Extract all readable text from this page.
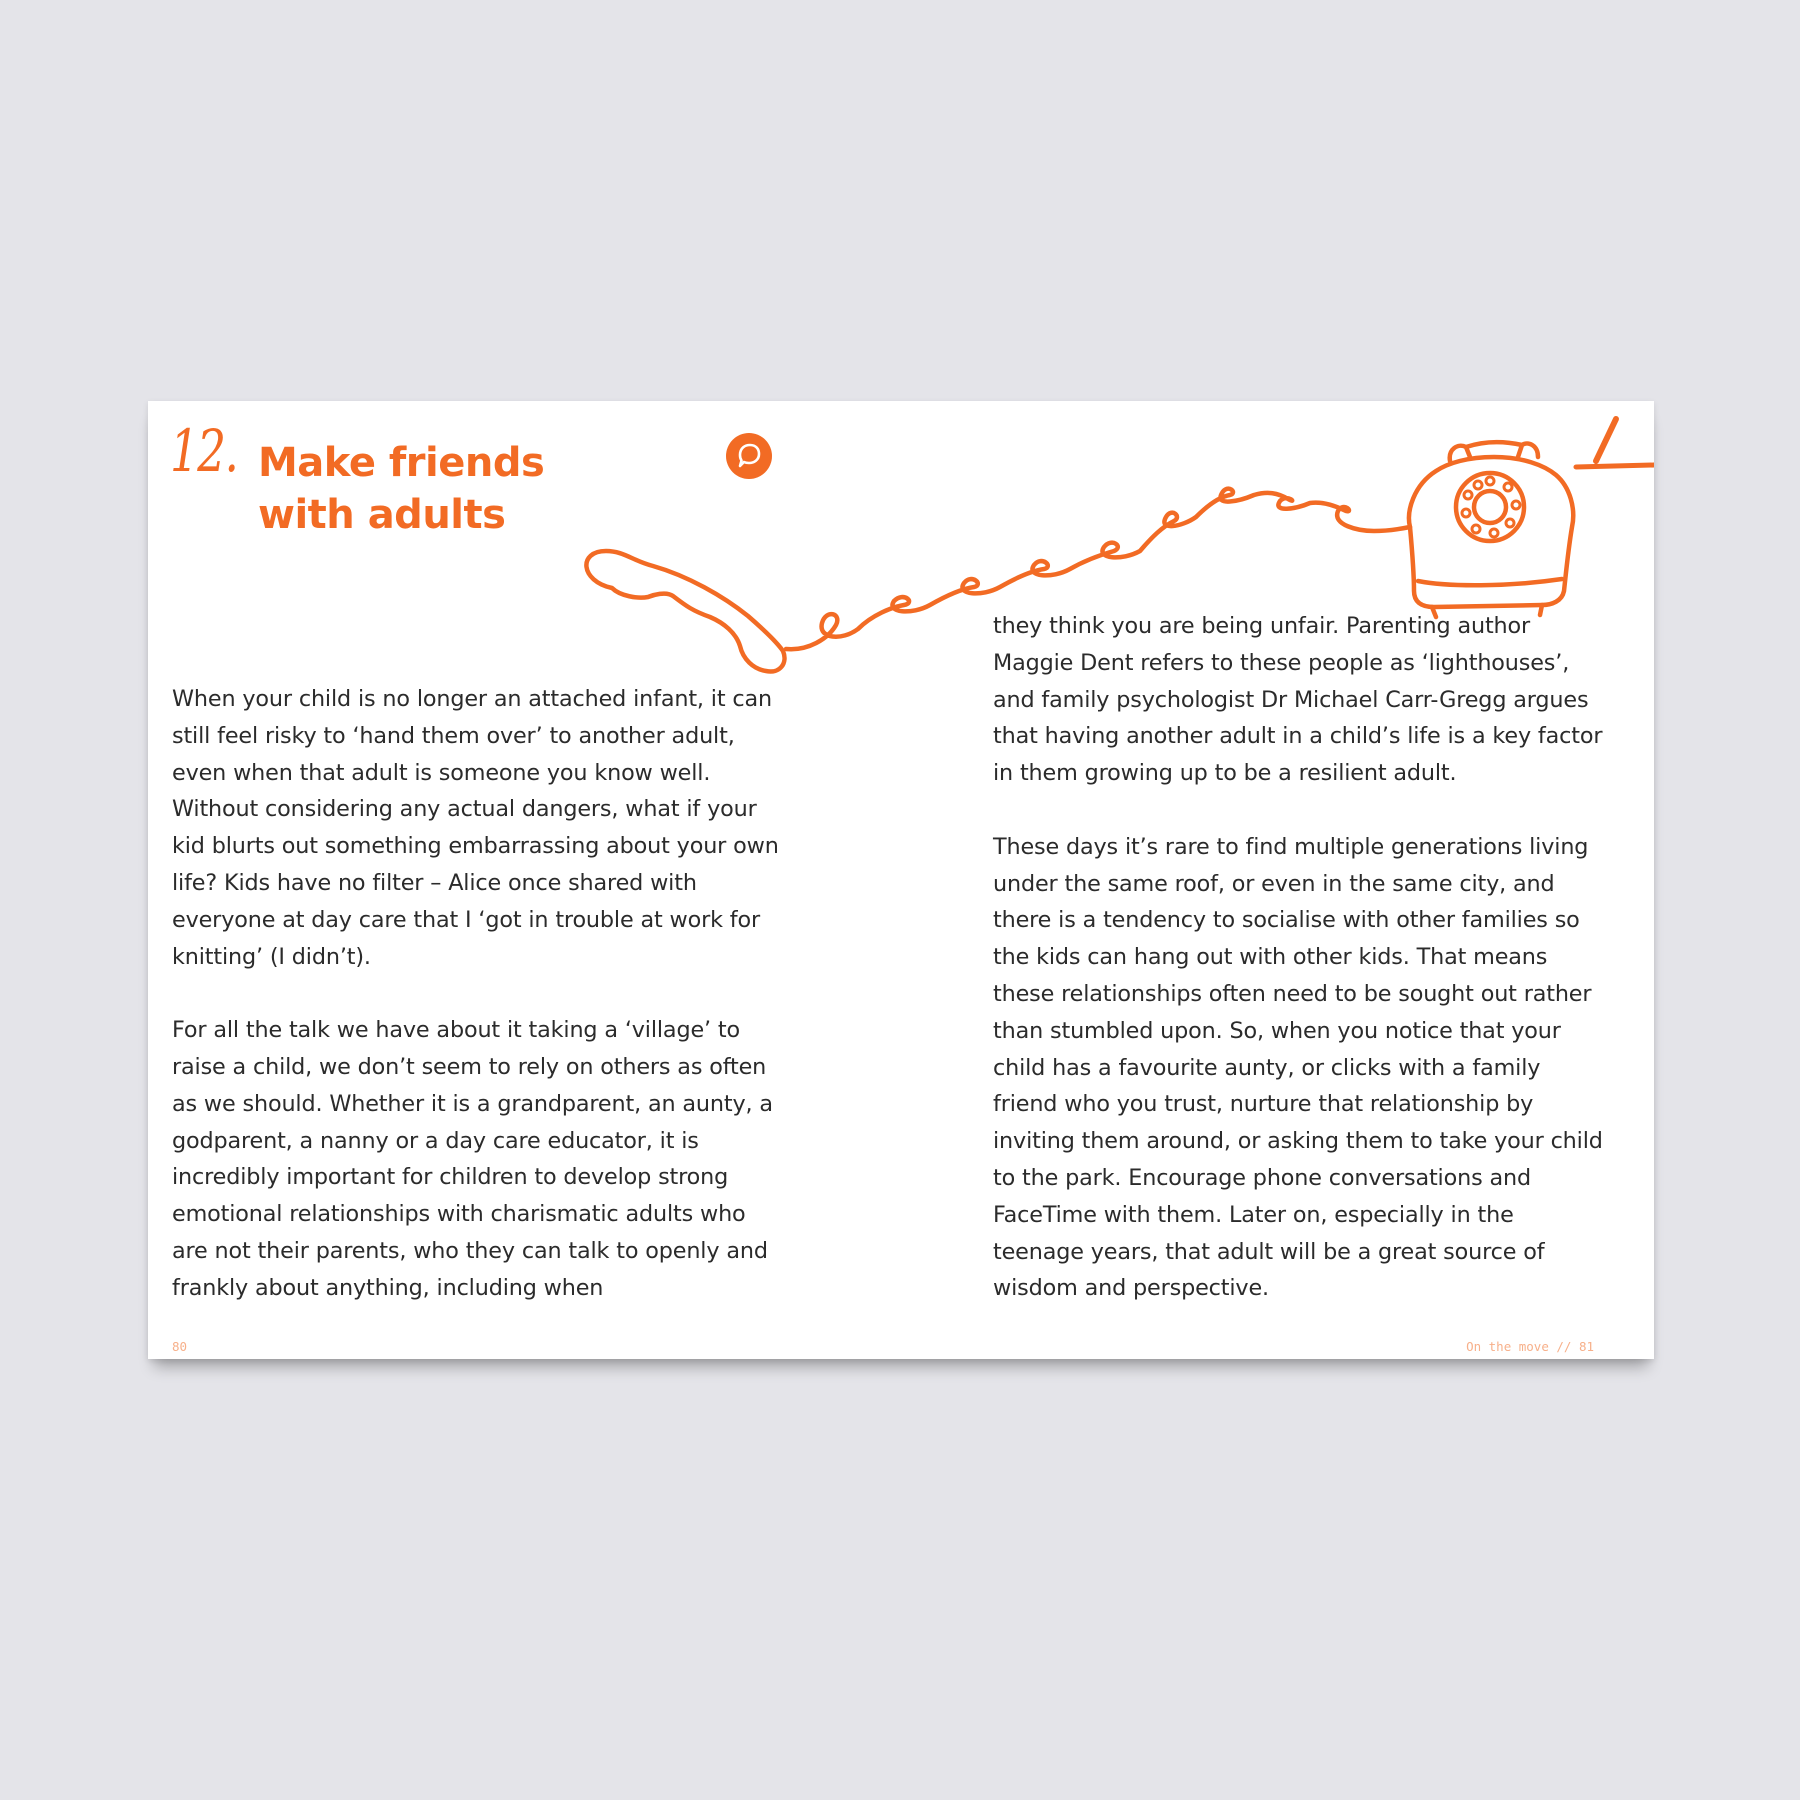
12. Make friends
with adults

When your child is no longer an attached infant, it can still feel risky to ‘hand them over’ to another adult, even when that adult is someone you know well. Without considering any actual dangers, what if your kid blurts out something embarrassing about your own life? Kids have no filter – Alice once shared with everyone at day care that I ‘got in trouble at work for knitting’ (I didn’t).

For all the talk we have about it taking a ‘village’ to raise a child, we don’t seem to rely on others as often as we should. Whether it is a grandparent, an aunty, a godparent, a nanny or a day care educator, it is incredibly important for children to develop strong emotional relationships with charismatic adults who are not their parents, who they can talk to openly and frankly about anything, including when

they think you are being unfair. Parenting author Maggie Dent refers to these people as ‘lighthouses’, and family psychologist Dr Michael Carr-Gregg argues that having another adult in a child’s life is a key factor in them growing up to be a resilient adult.

These days it’s rare to find multiple generations living under the same roof, or even in the same city, and there is a tendency to socialise with other families so the kids can hang out with other kids. That means these relationships often need to be sought out rather than stumbled upon. So, when you notice that your child has a favourite aunty, or clicks with a family friend who you trust, nurture that relationship by inviting them around, or asking them to take your child to the park. Encourage phone conversations and FaceTime with them. Later on, especially in the teenage years, that adult will be a great source of wisdom and perspective.

80	On the move // 81
